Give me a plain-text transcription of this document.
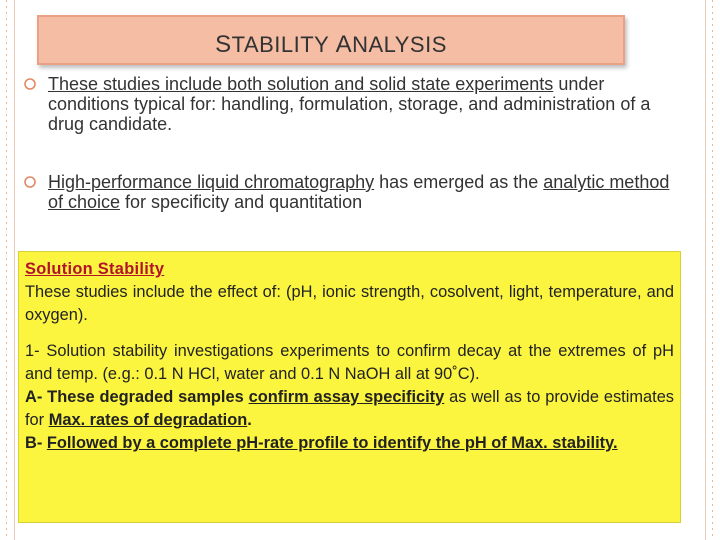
STABILITY ANALYSIS
These studies include both solution and solid state experiments under conditions typical for: handling, formulation, storage, and administration of a drug candidate.
High-performance liquid chromatography has emerged as the analytic method of choice for specificity and quantitation

Solution Stability

These studies include the effect of: (pH, ionic strength, cosolvent, light, temperature, and oxygen).

1- Solution stability investigations experiments to confirm decay at the extremes of pH and temp. (e.g.: 0.1 N HCl, water and 0.1 N NaOH all at 90˚C).

A- These degraded samples confirm assay specificity as well as to provide estimates for Max. rates of degradation.

B- Followed by a complete pH-rate profile to identify the pH of Max. stability.
